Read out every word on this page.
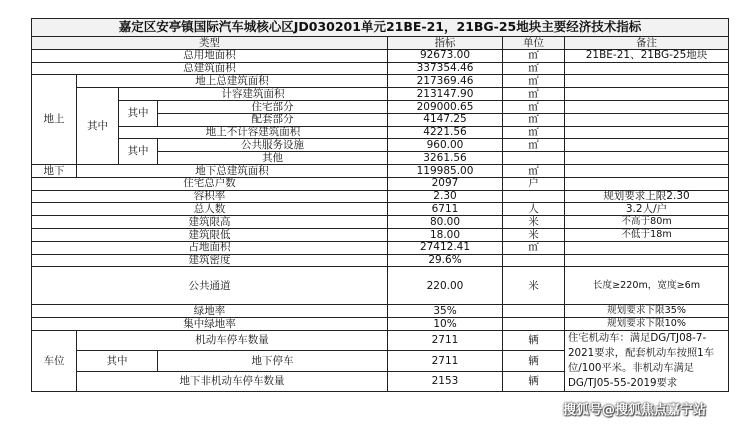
嘉定区安亭镇国际汽车城核心区JD030201单元21BE-21，21BG-25地块主要经济技术指标						
类型				指标	单位	备注
总用地面积				92673.00	㎡	21BE-21、21BG-25地块
总建筑面积				337354.46	㎡	
地上	地上总建筑面积			217369.46	㎡	
	其中	计容建筑面积		213147.90	㎡	
		其中	住宅部分	209000.65	㎡	
			配套部分	4147.25	㎡	
		地上不计容建筑面积		4221.56	㎡	
		其中	公共服务设施	960.00	㎡	
			其他	3261.56		
地下	地下总建筑面积			119985.00	㎡	
住宅总户数				2097	户	
容积率				2.30		规划要求上限2.30
总人数				6711	人	3.2人/户
建筑限高				80.00	米	不高于80m
建筑限低				18.00	米	不低于18m
占地面积				27412.41	㎡	
建筑密度				29.6%		
公共通道				220.00	米	长度≥220m，宽度≥6m
绿地率				35%		规划要求下限35%
集中绿地率				10%		规划要求下限10%
车位	机动车停车数量			2711	辆	住宅机动车：满足DG/TJ08-7-2021要求，配套机动车按照1车位/100平米。非机动车满足DG/TJ05-55-2019要求
	其中		地下停车	2711	辆	
	地下非机动车停车数量			2153	辆	
搜狐号@搜狐焦点嘉宁站
